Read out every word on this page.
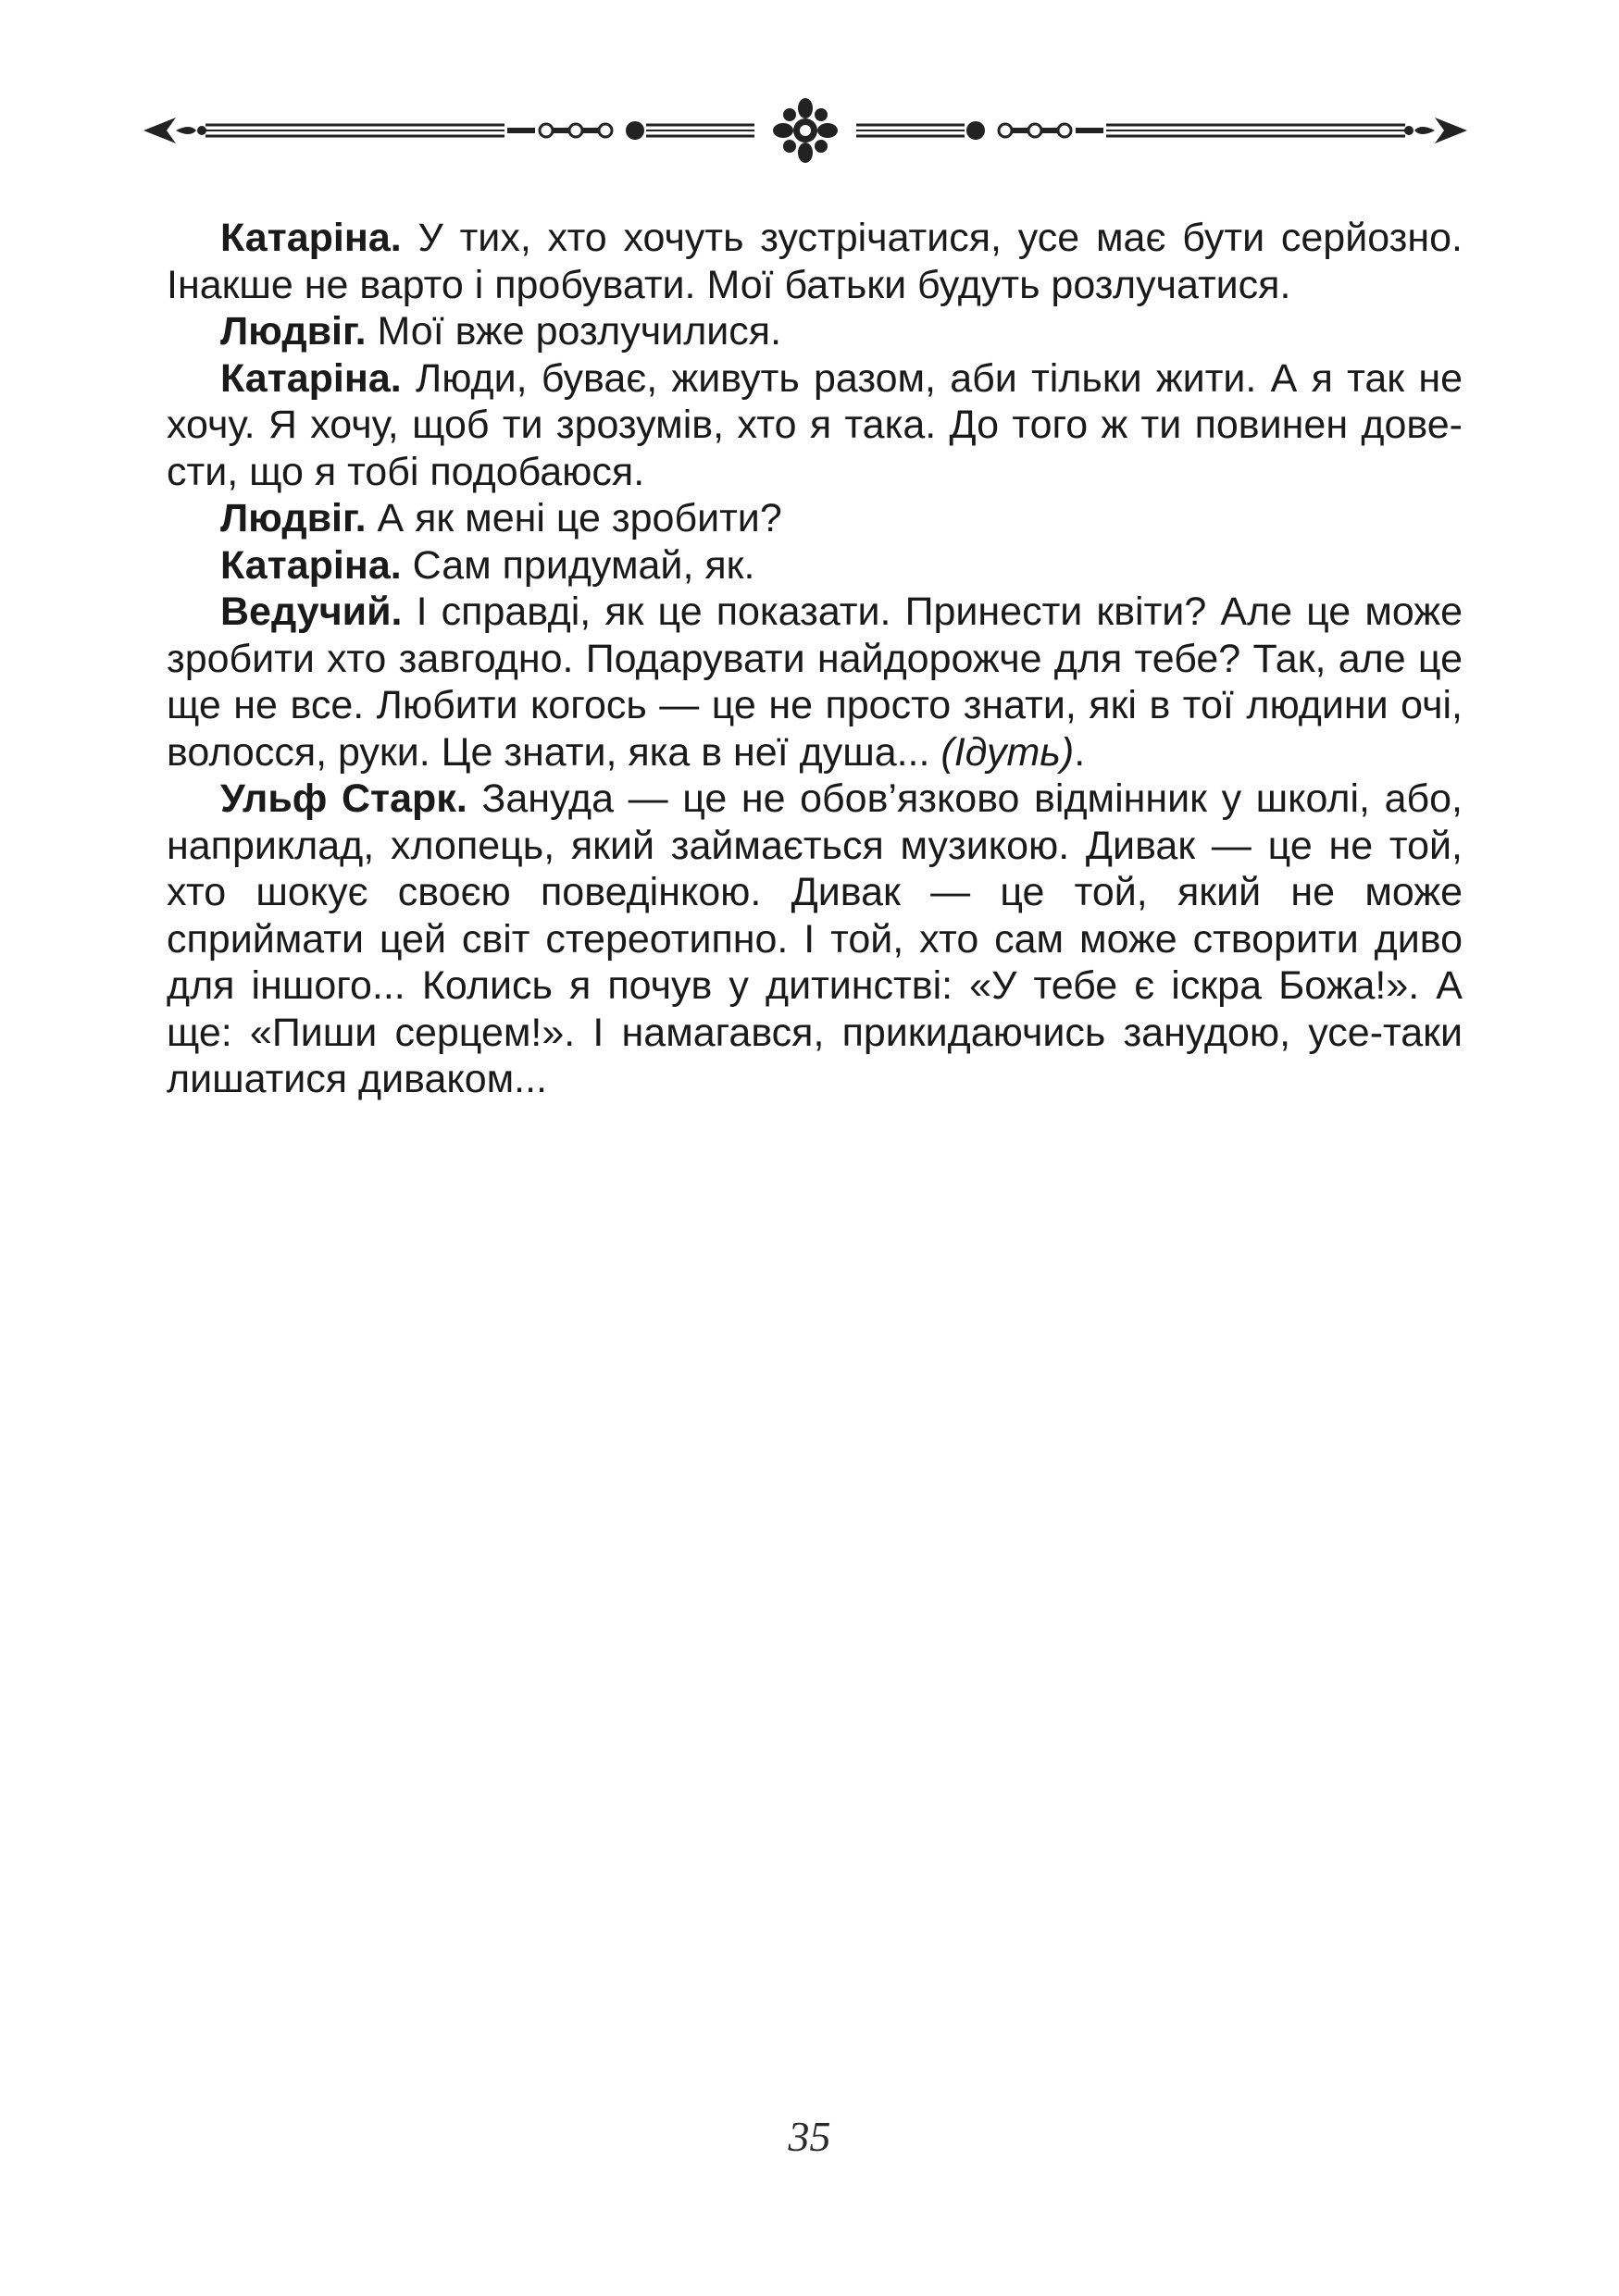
Катаріна. У тих, хто хочуть зустрічатися, усе має бути серйозно. Інакше не варто і пробувати. Мої батьки будуть розлучатися.

Людвіг. Мої вже розлучилися.

Катаріна. Люди, буває, живуть разом, аби тільки жити. А я так не хочу. Я хочу, щоб ти зрозумів, хто я така. До того ж ти повинен довести, що я тобі подобаюся.

Людвіг. А як мені це зробити?

Катаріна. Сам придумай, як.

Ведучий. І справді, як це показати. Принести квіти? Але це може зробити хто завгодно. Подарувати найдорожче для тебе? Так, але це ще не все. Любити когось — це не просто знати, які в тої людини очі, волосся, руки. Це знати, яка в неї душа... (Ідуть).

Ульф Старк. Зануда — це не обов’язково відмінник у школі, або, наприклад, хлопець, який займається музикою. Дивак — це не той, хто шокує своєю поведінкою. Дивак — це той, який не може сприймати цей світ стереотипно. І той, хто сам може створити диво для іншого... Колись я почув у дитинстві: «У тебе є іскра Божа!». А ще: «Пиши серцем!». І намагався, прикидаючись занудою, усе-таки лишатися диваком...

35
